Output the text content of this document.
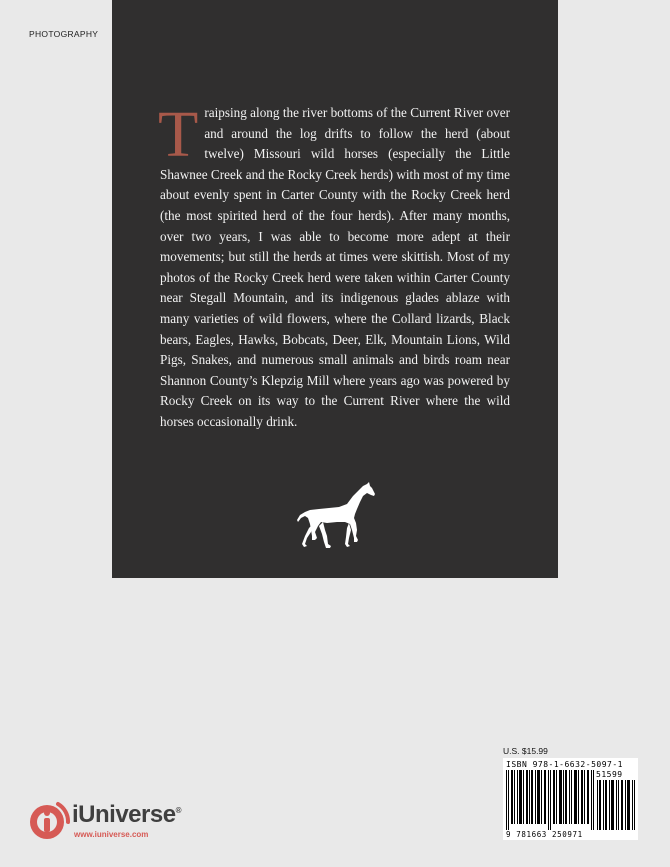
PHOTOGRAPHY
Traipsing along the river bottoms of the Current River over and around the log drifts to follow the herd (about twelve) Missouri wild horses (especially the Little Shawnee Creek and the Rocky Creek herds) with most of my time about evenly spent in Carter County with the Rocky Creek herd (the most spirited herd of the four herds). After many months, over two years, I was able to become more adept at their movements; but still the herds at times were skittish. Most of my photos of the Rocky Creek herd were taken within Carter County near Stegall Mountain, and its indigenous glades ablaze with many varieties of wild flowers, where the Collard lizards, Black bears, Eagles, Hawks, Bobcats, Deer, Elk, Mountain Lions, Wild Pigs, Snakes, and numerous small animals and birds roam near Shannon County’s Klepzig Mill where years ago was powered by Rocky Creek on its way to the Current River where the wild horses occasionally drink.
U.S. $15.99
ISBN 978-1-6632-5097-1
51599
9 781663 250971
iUniverse®
www.iuniverse.com
